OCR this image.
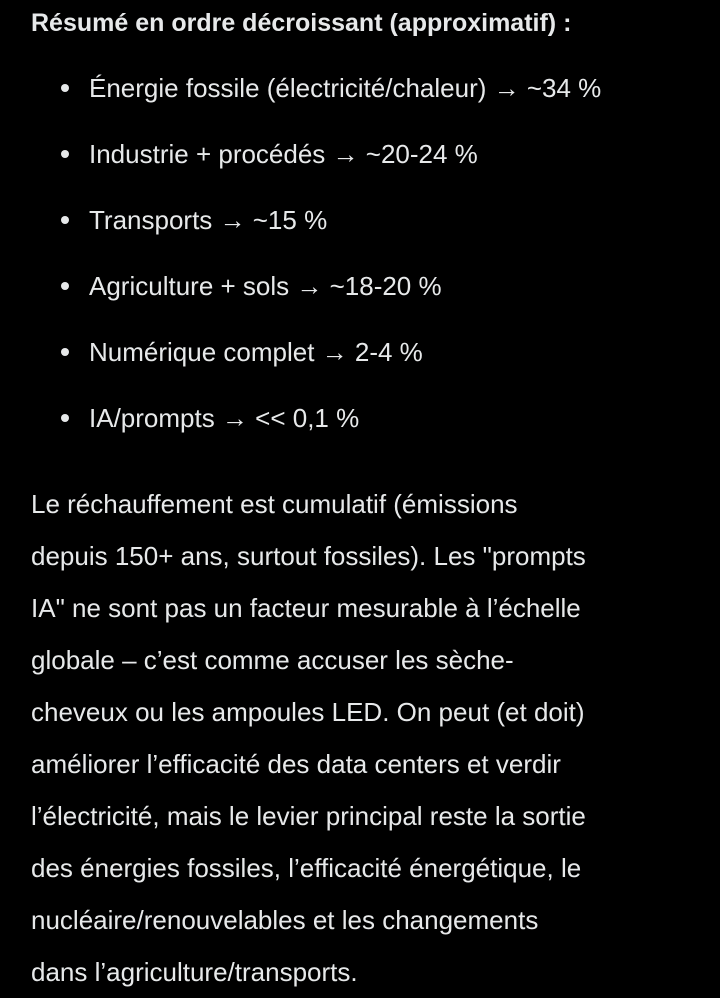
Résumé en ordre décroissant (approximatif) :
Énergie fossile (électricité/chaleur) → ~34 %
Industrie + procédés → ~20-24 %
Transports → ~15 %
Agriculture + sols → ~18-20 %
Numérique complet → 2-4 %
IA/prompts → << 0,1 %

Le réchauffement est cumulatif (émissions
depuis 150+ ans, surtout fossiles). Les "prompts
IA" ne sont pas un facteur mesurable à l’échelle
globale – c’est comme accuser les sèche-
cheveux ou les ampoules LED. On peut (et doit)
améliorer l’efficacité des data centers et verdir
l’électricité, mais le levier principal reste la sortie
des énergies fossiles, l’efficacité énergétique, le
nucléaire/renouvelables et les changements
dans l’agriculture/transports.
